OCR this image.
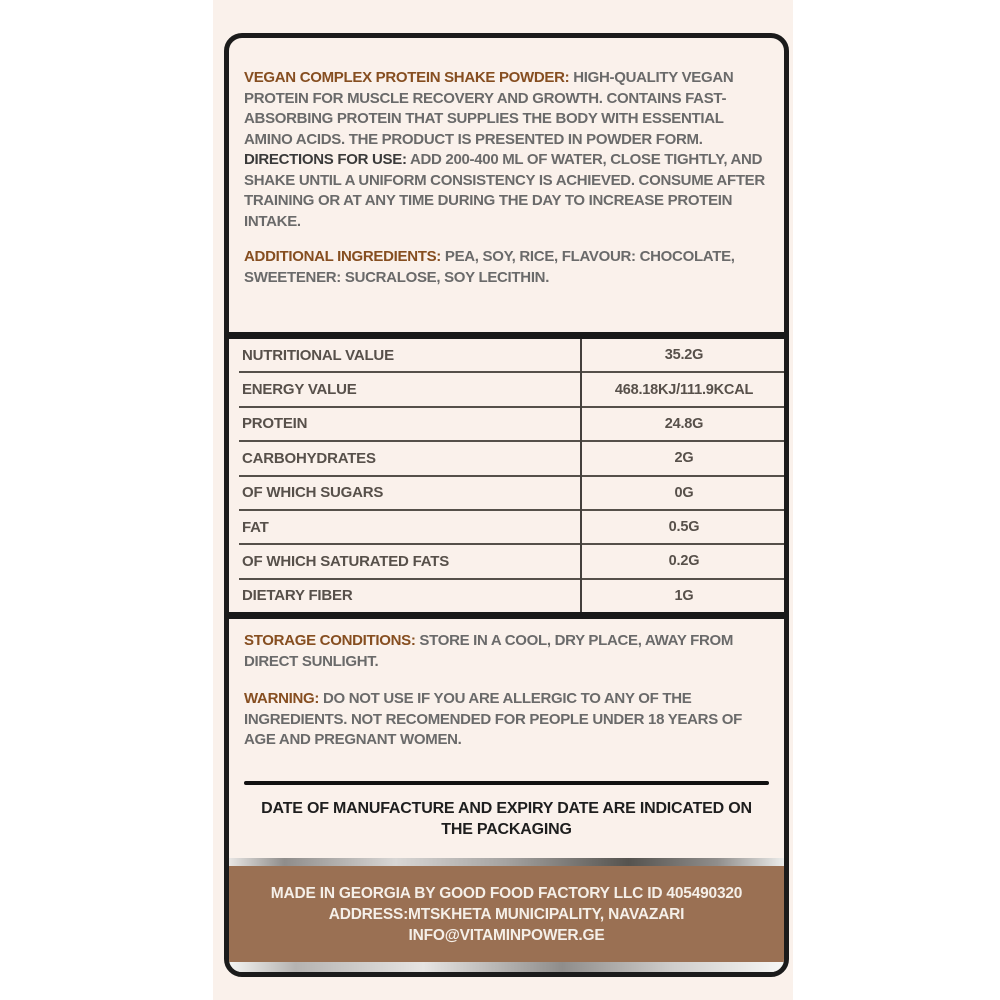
VEGAN COMPLEX PROTEIN SHAKE POWDER: HIGH-QUALITY VEGAN PROTEIN FOR MUSCLE RECOVERY AND GROWTH. CONTAINS FAST-ABSORBING PROTEIN THAT SUPPLIES THE BODY WITH ESSENTIAL AMINO ACIDS. THE PRODUCT IS PRESENTED IN POWDER FORM. DIRECTIONS FOR USE: ADD 200-400 ML OF WATER, CLOSE TIGHTLY, AND SHAKE UNTIL A UNIFORM CONSISTENCY IS ACHIEVED. CONSUME AFTER TRAINING OR AT ANY TIME DURING THE DAY TO INCREASE PROTEIN INTAKE.

ADDITIONAL INGREDIENTS: PEA, SOY, RICE, FLAVOUR: CHOCOLATE, SWEETENER: SUCRALOSE, SOY LECITHIN.

NUTRITIONAL VALUE	35.2G
ENERGY VALUE	468.18KJ/111.9KCAL
PROTEIN	24.8G
CARBOHYDRATES	2G
OF WHICH SUGARS	0G
FAT	0.5G
OF WHICH SATURATED FATS	0.2G
DIETARY FIBER	1G

STORAGE CONDITIONS: STORE IN A COOL, DRY PLACE, AWAY FROM DIRECT SUNLIGHT.

WARNING: DO NOT USE IF YOU ARE ALLERGIC TO ANY OF THE INGREDIENTS. NOT RECOMENDED FOR PEOPLE UNDER 18 YEARS OF AGE AND PREGNANT WOMEN.

DATE OF MANUFACTURE AND EXPIRY DATE ARE INDICATED ON THE PACKAGING
MADE IN GEORGIA BY GOOD FOOD FACTORY LLC ID 405490320
ADDRESS:MTSKHETA MUNICIPALITY, NAVAZARI
INFO@VITAMINPOWER.GE
